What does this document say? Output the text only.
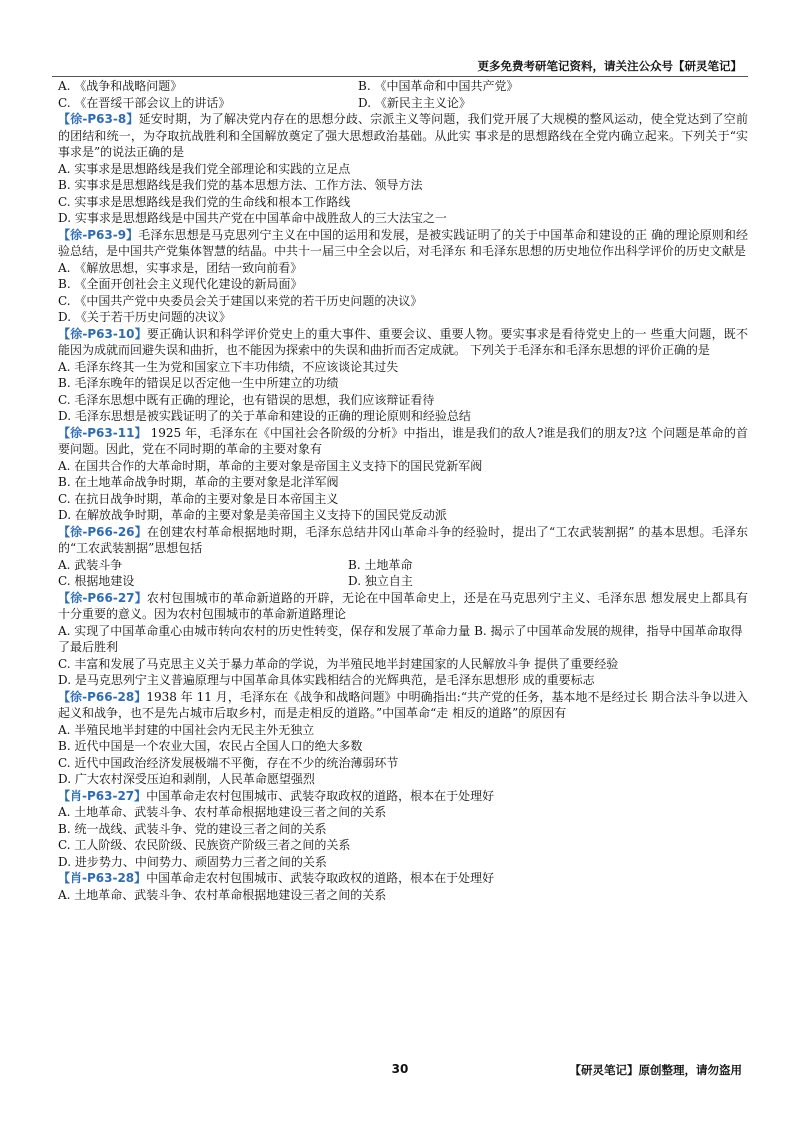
更多免费考研笔记资料，请关注公众号【研灵笔记】
A. 《战争和战略问题》	B. 《中国革命和中国共产党》
C. 《在晋绥干部会议上的讲话》	D. 《新民主主义论》

【徐-P63-8】延安时期，为了解决党内存在的思想分歧、宗派主义等问题，我们党开展了大规模的整风运动，使全党达到了空前的团结和统一，为夺取抗战胜利和全国解放奠定了强大思想政治基础。从此实 事求是的思想路线在全党内确立起来。下列关于“实事求是”的说法正确的是

A. 实事求是思想路线是我们党全部理论和实践的立足点

B. 实事求是思想路线是我们党的基本思想方法、工作方法、领导方法

C. 实事求是思想路线是我们党的生命线和根本工作路线

D. 实事求是思想路线是中国共产党在中国革命中战胜敌人的三大法宝之一

【徐-P63-9】毛泽东思想是马克思列宁主义在中国的运用和发展，是被实践证明了的关于中国革命和建设的正 确的理论原则和经验总结，是中国共产党集体智慧的结晶。中共十一届三中全会以后，对毛泽东 和毛泽东思想的历史地位作出科学评价的历史文献是

A. 《解放思想，实事求是，团结一致向前看》

B. 《全面开创社会主义现代化建设的新局面》

C. 《中国共产党中央委员会关于建国以来党的若干历史问题的决议》

D. 《关于若干历史问题的决议》

【徐-P63-10】要正确认识和科学评价党史上的重大事件、重要会议、重要人物。要实事求是看待党史上的一 些重大问题，既不能因为成就而回避失误和曲折，也不能因为探索中的失误和曲折而否定成就。 下列关于毛泽东和毛泽东思想的评价正确的是

A. 毛泽东终其一生为党和国家立下丰功伟绩，不应该谈论其过失

B. 毛泽东晚年的错误足以否定他一生中所建立的功绩

C. 毛泽东思想中既有正确的理论，也有错误的思想，我们应该辩证看待

D. 毛泽东思想是被实践证明了的关于革命和建设的正确的理论原则和经验总结

【徐-P63-11】 1925 年，毛泽东在《中国社会各阶级的分析》中指出，谁是我们的敌人?谁是我们的朋友?这 个问题是革命的首要问题。因此，党在不同时期的革命的主要对象有

A. 在国共合作的大革命时期，革命的主要对象是帝国主义支持下的国民党新军阀

B. 在土地革命战争时期，革命的主要对象是北洋军阀

C. 在抗日战争时期，革命的主要对象是日本帝国主义

D. 在解放战争时期，革命的主要对象是美帝国主义支持下的国民党反动派

【徐-P66-26】在创建农村革命根据地时期，毛泽东总结井冈山革命斗争的经验时，提出了“工农武装割据” 的基本思想。毛泽东的“工农武装割据”思想包括

A. 武装斗争	B. 土地革命
C. 根据地建设	D. 独立自主

【徐-P66-27】农村包围城市的革命新道路的开辟，无论在中国革命史上，还是在马克思列宁主义、毛泽东思 想发展史上都具有十分重要的意义。因为农村包围城市的革命新道路理论

A. 实现了中国革命重心由城市转向农村的历史性转变，保存和发展了革命力量 B. 揭示了中国革命发展的规律，指导中国革命取得了最后胜利

C. 丰富和发展了马克思主义关于暴力革命的学说，为半殖民地半封建国家的人民解放斗争 提供了重要经验

D. 是马克思列宁主义普遍原理与中国革命具体实践相结合的光辉典范，是毛泽东思想形 成的重要标志

【徐-P66-28】1938 年 11 月，毛泽东在《战争和战略问题》中明确指出:“共产党的任务，基本地不是经过长 期合法斗争以进入起义和战争，也不是先占城市后取乡村，而是走相反的道路。”中国革命“走 相反的道路”的原因有

A. 半殖民地半封建的中国社会内无民主外无独立

B. 近代中国是一个农业大国，农民占全国人口的绝大多数

C. 近代中国政治经济发展极端不平衡，存在不少的统治薄弱环节

D. 广大农村深受压迫和剥削，人民革命愿望强烈

【肖-P63-27】中国革命走农村包围城市、武装夺取政权的道路，根本在于处理好

A. 土地革命、武装斗争、农村革命根据地建设三者之间的关系

B. 统一战线、武装斗争、党的建设三者之间的关系

C. 工人阶级、农民阶级、民族资产阶级三者之间的关系

D. 进步势力、中间势力、顽固势力三者之间的关系

【肖-P63-28】中国革命走农村包围城市、武装夺取政权的道路，根本在于处理好

A. 土地革命、武装斗争、农村革命根据地建设三者之间的关系

30	【研灵笔记】原创整理，请勿盗用
